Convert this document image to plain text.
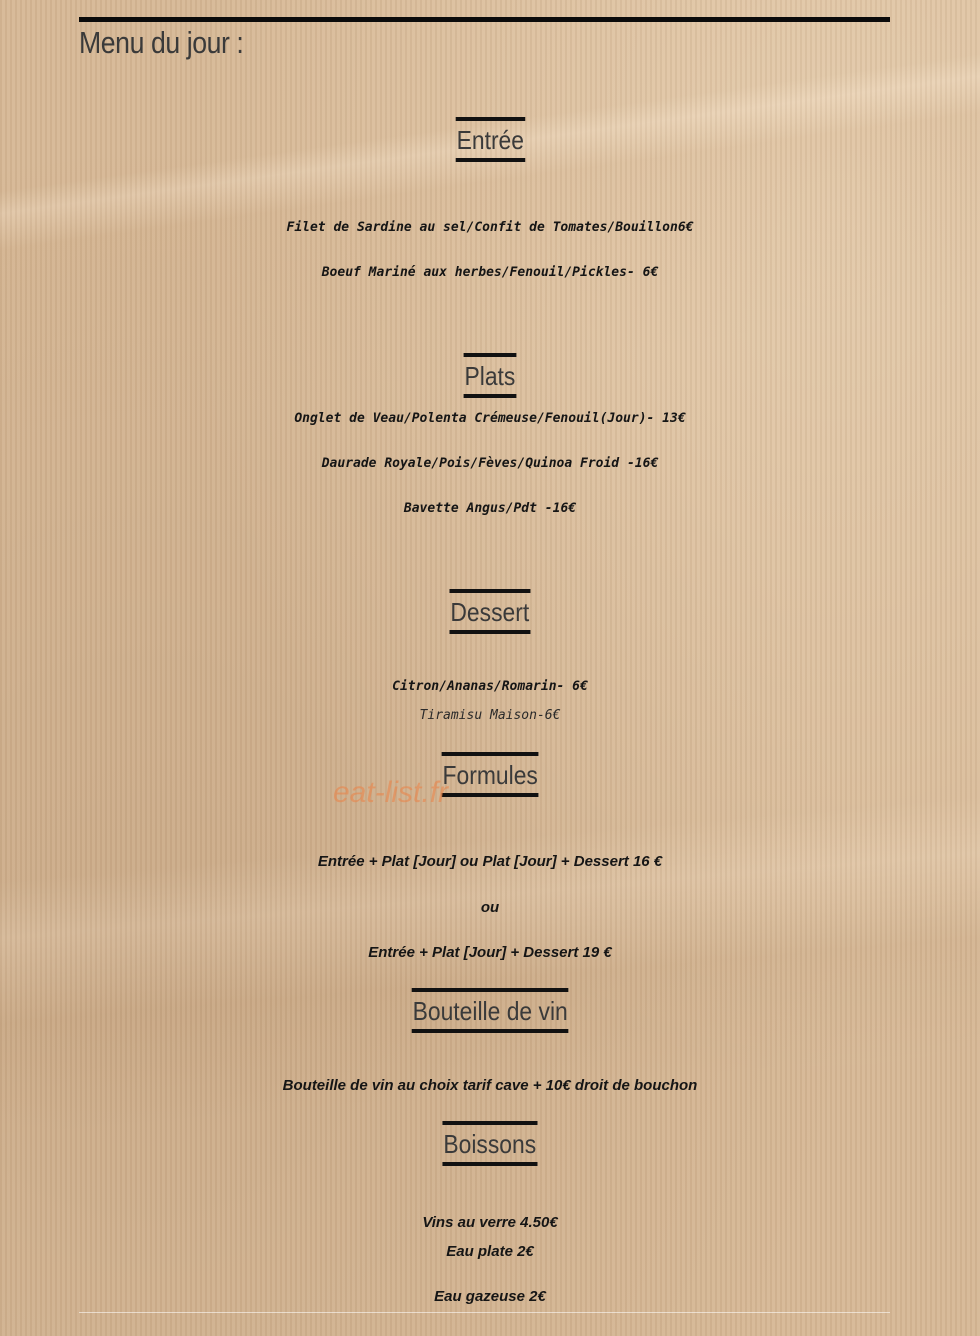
Menu du jour :
Entrée
Filet de Sardine au sel/Confit de Tomates/Bouillon6€
Boeuf Mariné aux herbes/Fenouil/Pickles- 6€
Plats
Onglet de Veau/Polenta Crémeuse/Fenouil(Jour)- 13€
Daurade Royale/Pois/Fèves/Quinoa Froid -16€
Bavette Angus/Pdt -16€
Dessert
Citron/Ananas/Romarin- 6€
Tiramisu Maison-6€
Formules
eat-list.fr
Entrée + Plat [Jour] ou Plat [Jour] + Dessert 16 €
ou
Entrée + Plat [Jour] + Dessert 19 €
Bouteille de vin
Bouteille de vin au choix tarif cave + 10€ droit de bouchon
Boissons
Vins au verre 4.50€
Eau plate 2€
Eau gazeuse 2€
